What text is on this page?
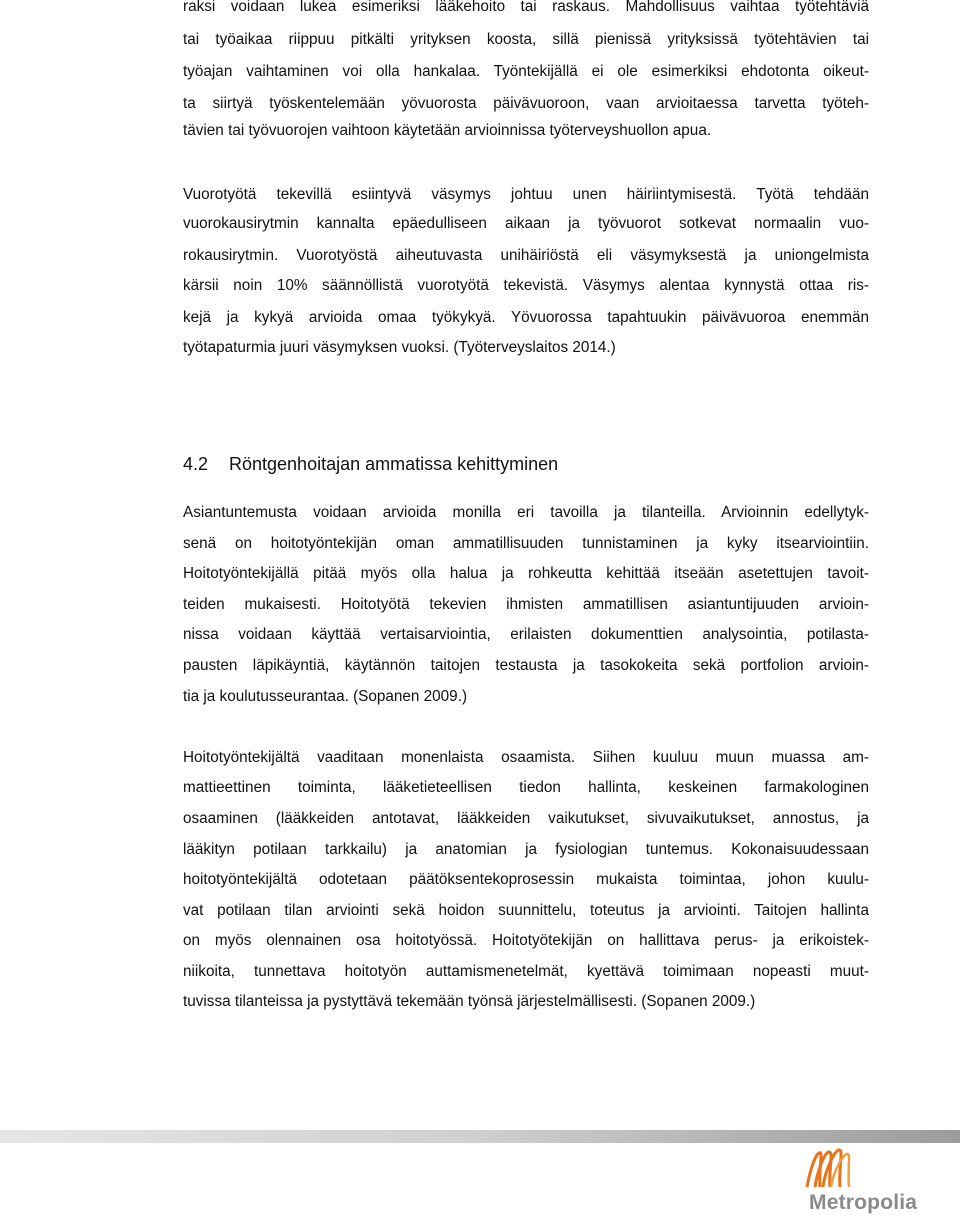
raksi voidaan lukea esimeriksi lääkehoito tai raskaus. Mahdollisuus vaihtaa työtehtäviä
tai työaikaa riippuu pitkälti yrityksen koosta, sillä pienissä yrityksissä työtehtävien tai
työajan vaihtaminen voi olla hankalaa. Työntekijällä ei ole esimerkiksi ehdotonta oikeut-
ta siirtyä työskentelemään yövuorosta päivävuoroon, vaan arvioitaessa tarvetta työteh-
tävien tai työvuorojen vaihtoon käytetään arvioinnissa työterveyshuollon apua.
Vuorotyötä tekevillä esiintyvä väsymys johtuu unen häiriintymisestä. Työtä tehdään
vuorokausirytmin kannalta epäedulliseen aikaan ja työvuorot sotkevat normaalin vuo-
rokausirytmin. Vuorotyöstä aiheutuvasta unihäiriöstä eli väsymyksestä ja uniongelmista
kärsii noin 10% säännöllistä vuorotyötä tekevistä. Väsymys alentaa kynnystä ottaa ris-
kejä ja kykyä arvioida omaa työkykyä. Yövuorossa tapahtuukin päivävuoroa enemmän
työtapaturmia juuri väsymyksen vuoksi. (Työterveyslaitos 2014.)
4.2 Röntgenhoitajan ammatissa kehittyminen
Asiantuntemusta voidaan arvioida monilla eri tavoilla ja tilanteilla. Arvioinnin edellytyk-
senä on hoitotyöntekijän oman ammatillisuuden tunnistaminen ja kyky itsearviointiin.
Hoitotyöntekijällä pitää myös olla halua ja rohkeutta kehittää itseään asetettujen tavoit-
teiden mukaisesti. Hoitotyötä tekevien ihmisten ammatillisen asiantuntijuuden arvioin-
nissa voidaan käyttää vertaisarviointia, erilaisten dokumenttien analysointia, potilasta-
pausten läpikäyntiä, käytännön taitojen testausta ja tasokokeita sekä portfolion arvioin-
tia ja koulutusseurantaa. (Sopanen 2009.)
Hoitotyöntekijältä vaaditaan monenlaista osaamista. Siihen kuuluu muun muassa am-
mattieettinen toiminta, lääketieteellisen tiedon hallinta, keskeinen farmakologinen
osaaminen (lääkkeiden antotavat, lääkkeiden vaikutukset, sivuvaikutukset, annostus, ja
lääkityn potilaan tarkkailu) ja anatomian ja fysiologian tuntemus. Kokonaisuudessaan
hoitotyöntekijältä odotetaan päätöksentekoprosessin mukaista toimintaa, johon kuulu-
vat potilaan tilan arviointi sekä hoidon suunnittelu, toteutus ja arviointi. Taitojen hallinta
on myös olennainen osa hoitotyössä. Hoitotyötekijän on hallittava perus- ja erikoistek-
niikoita, tunnettava hoitotyön auttamismenetelmät, kyettävä toimimaan nopeasti muut-
tuvissa tilanteissa ja pystyttävä tekemään työnsä järjestelmällisesti. (Sopanen 2009.)
Metropolia
